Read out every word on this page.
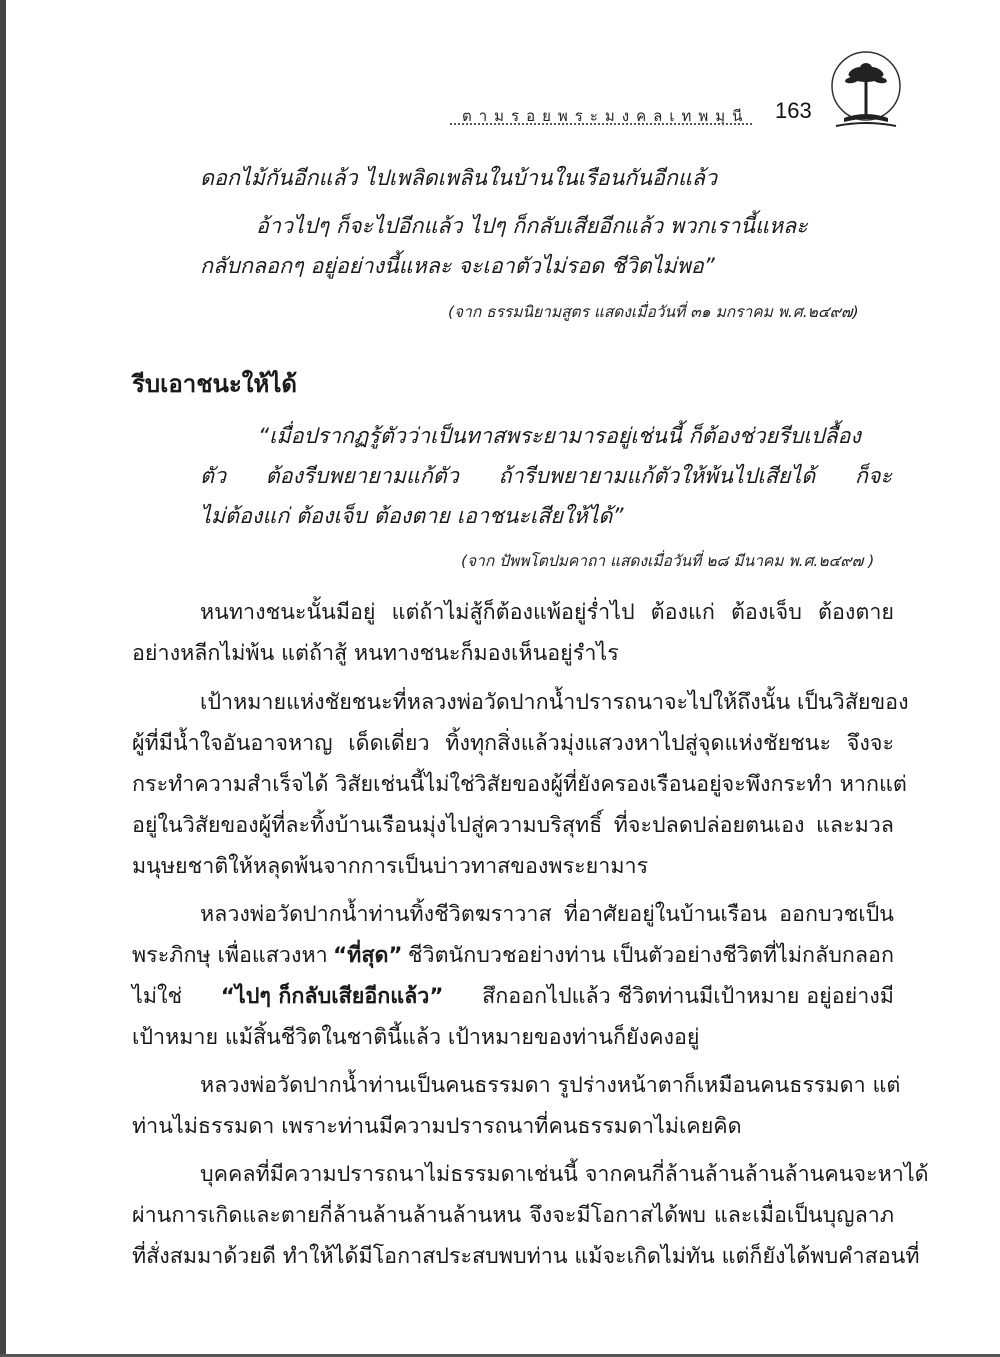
ตามรอยพระมงคลเทพมุนี 163
ดอกไม้กันอีกแล้ว ไปเพลิดเพลินในบ้านในเรือนกันอีกแล้ว
อ้าวไปๆ ก็จะไปอีกแล้ว ไปๆ ก็กลับเสียอีกแล้ว พวกเรานี้แหละ
กลับกลอกๆ อยู่อย่างนี้แหละ จะเอาตัวไม่รอด ชีวิตไม่พอ”
(จาก ธรรมนิยามสูตร แสดงเมื่อวันที่ ๓๑ มกราคม พ.ศ.๒๔๙๗)
รีบเอาชนะให้ได้
“เมื่อปรากฏรู้ตัวว่าเป็นทาสพระยามารอยู่เช่นนี้ ก็ต้องช่วยรีบเปลื้อง
ตัว ต้องรีบพยายามแก้ตัว ถ้ารีบพยายามแก้ตัวให้พ้นไปเสียได้ ก็จะ
ไม่ต้องแก่ ต้องเจ็บ ต้องตาย เอาชนะเสียให้ได้”
(จาก ปัพพโตปมคาถา แสดงเมื่อวันที่ ๒๘ มีนาคม พ.ศ.๒๔๙๗ )
หนทางชนะนั้นมีอยู่ แต่ถ้าไม่สู้ก็ต้องแพ้อยู่ร่ำไป ต้องแก่ ต้องเจ็บ ต้องตาย
อย่างหลีกไม่พ้น แต่ถ้าสู้ หนทางชนะก็มองเห็นอยู่รำไร
เป้าหมายแห่งชัยชนะที่หลวงพ่อวัดปากน้ำปรารถนาจะไปให้ถึงนั้น เป็นวิสัยของ
ผู้ที่มีน้ำใจอันอาจหาญ เด็ดเดี่ยว ทิ้งทุกสิ่งแล้วมุ่งแสวงหาไปสู่จุดแห่งชัยชนะ จึงจะ
กระทำความสำเร็จได้ วิสัยเช่นนี้ไม่ใช่วิสัยของผู้ที่ยังครองเรือนอยู่จะพึงกระทำ หากแต่
อยู่ในวิสัยของผู้ที่ละทิ้งบ้านเรือนมุ่งไปสู่ความบริสุทธิ์ ที่จะปลดปล่อยตนเอง และมวล
มนุษยชาติให้หลุดพ้นจากการเป็นบ่าวทาสของพระยามาร
หลวงพ่อวัดปากน้ำท่านทิ้งชีวิตฆราวาส ที่อาศัยอยู่ในบ้านเรือน ออกบวชเป็น
พระภิกษุ เพื่อแสวงหา “ที่สุด” ชีวิตนักบวชอย่างท่าน เป็นตัวอย่างชีวิตที่ไม่กลับกลอก
ไม่ใช่ “ไปๆ ก็กลับเสียอีกแล้ว” สึกออกไปแล้ว ชีวิตท่านมีเป้าหมาย อยู่อย่างมี
เป้าหมาย แม้สิ้นชีวิตในชาตินี้แล้ว เป้าหมายของท่านก็ยังคงอยู่
หลวงพ่อวัดปากน้ำท่านเป็นคนธรรมดา รูปร่างหน้าตาก็เหมือนคนธรรมดา แต่
ท่านไม่ธรรมดา เพราะท่านมีความปรารถนาที่คนธรรมดาไม่เคยคิด
บุคคลที่มีความปรารถนาไม่ธรรมดาเช่นนี้ จากคนกี่ล้านล้านล้านล้านคนจะหาได้
ผ่านการเกิดและตายกี่ล้านล้านล้านล้านหน จึงจะมีโอกาสได้พบ และเมื่อเป็นบุญลาภ
ที่สั่งสมมาด้วยดี ทำให้ได้มีโอกาสประสบพบท่าน แม้จะเกิดไม่ทัน แต่ก็ยังได้พบคำสอนที่
